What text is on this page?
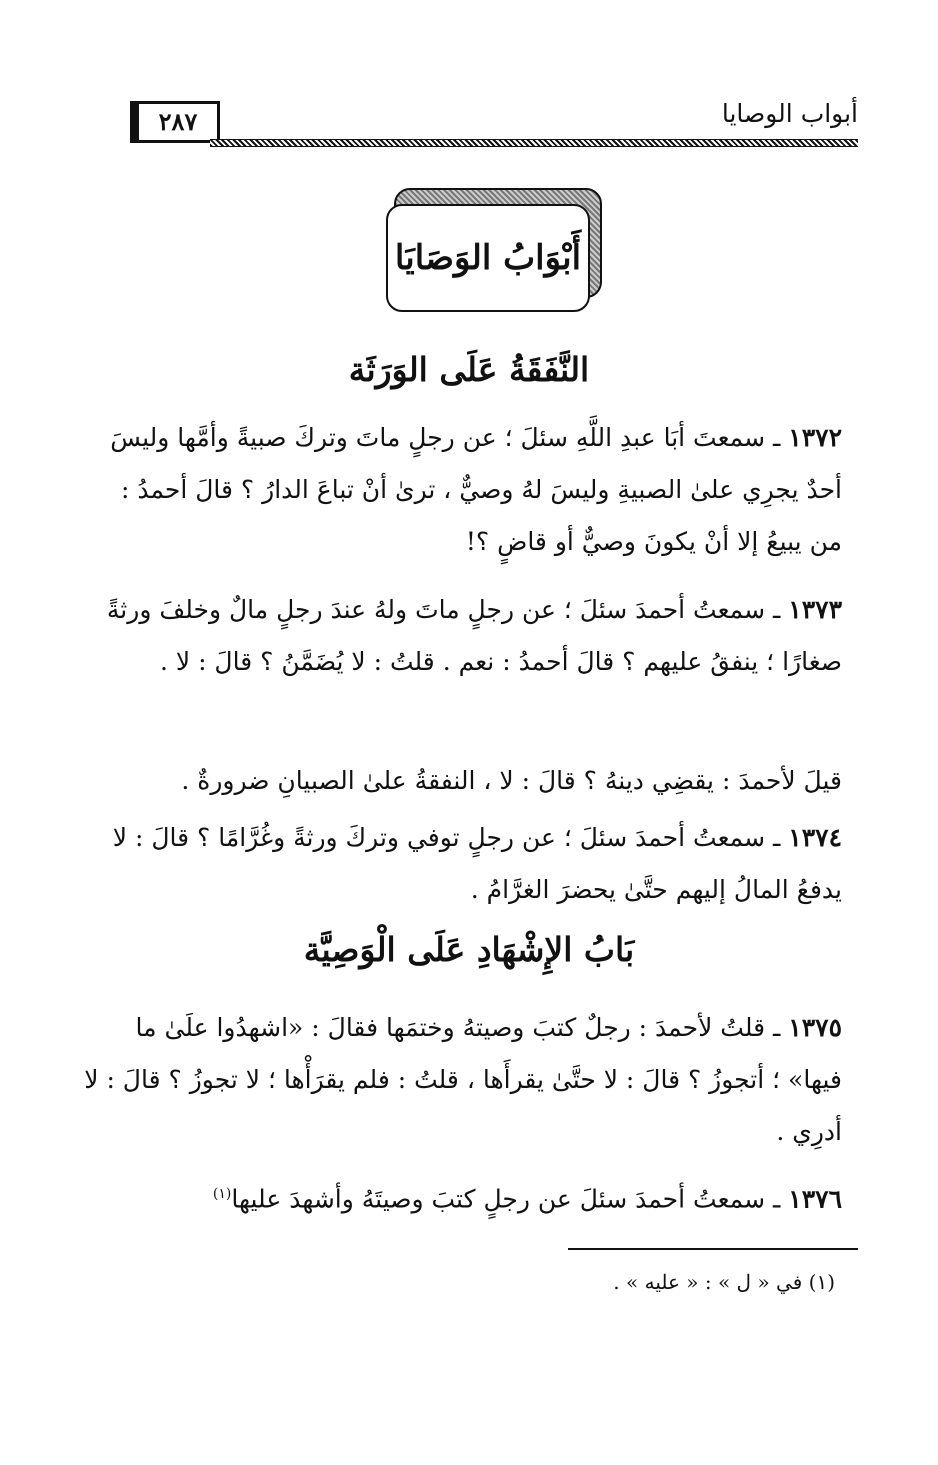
٢٨٧	أبواب الوصايا
أَبْوَابُ الوَصَايَا
النَّفَقَةُ عَلَى الوَرَثَة
١٣٧٢ ـ سمعتَ أبَا عبدِ اللَّهِ سئلَ ؛ عن رجلٍ ماتَ وتركَ صبيةً وأمَّها وليسَ أحدٌ يجرِي علىٰ الصبيةِ وليسَ لهُ وصيٌّ ، ترىٰ أنْ تباعَ الدارُ ؟ قالَ أحمدُ : من يبيعُ إلا أنْ يكونَ وصيٌّ أو قاضٍ ؟!
١٣٧٣ ـ سمعتُ أحمدَ سئلَ ؛ عن رجلٍ ماتَ ولهُ عندَ رجلٍ مالٌ وخلفَ ورثةً صغارًا ؛ ينفقُ عليهم ؟ قالَ أحمدُ : نعم . قلتُ : لا يُضَمَّنُ ؟ قالَ : لا .
قيلَ لأحمدَ : يقضِي دينهُ ؟ قالَ : لا ، النفقةُ علىٰ الصبيانِ ضرورةٌ .
١٣٧٤ ـ سمعتُ أحمدَ سئلَ ؛ عن رجلٍ توفي وتركَ ورثةً وغُرَّامًا ؟ قالَ : لا يدفعُ المالُ إليهم حتَّىٰ يحضرَ الغرَّامُ .
بَابُ الإِشْهَادِ عَلَى الْوَصِيَّة
١٣٧٥ ـ قلتُ لأحمدَ : رجلٌ كتبَ وصيتهُ وختمَها فقالَ : «اشهدُوا علَىٰ ما فيها» ؛ أتجوزُ ؟ قالَ : لا حتَّىٰ يقرأَها ، قلتُ : فلم يقرَأْها ؛ لا تجوزُ ؟ قالَ : لا أدرِي .
١٣٧٦ ـ سمعتُ أحمدَ سئلَ عن رجلٍ كتبَ وصيتَهُ وأشهدَ عليها$^{(١)}$
(١) في « ل » : « عليه » .
